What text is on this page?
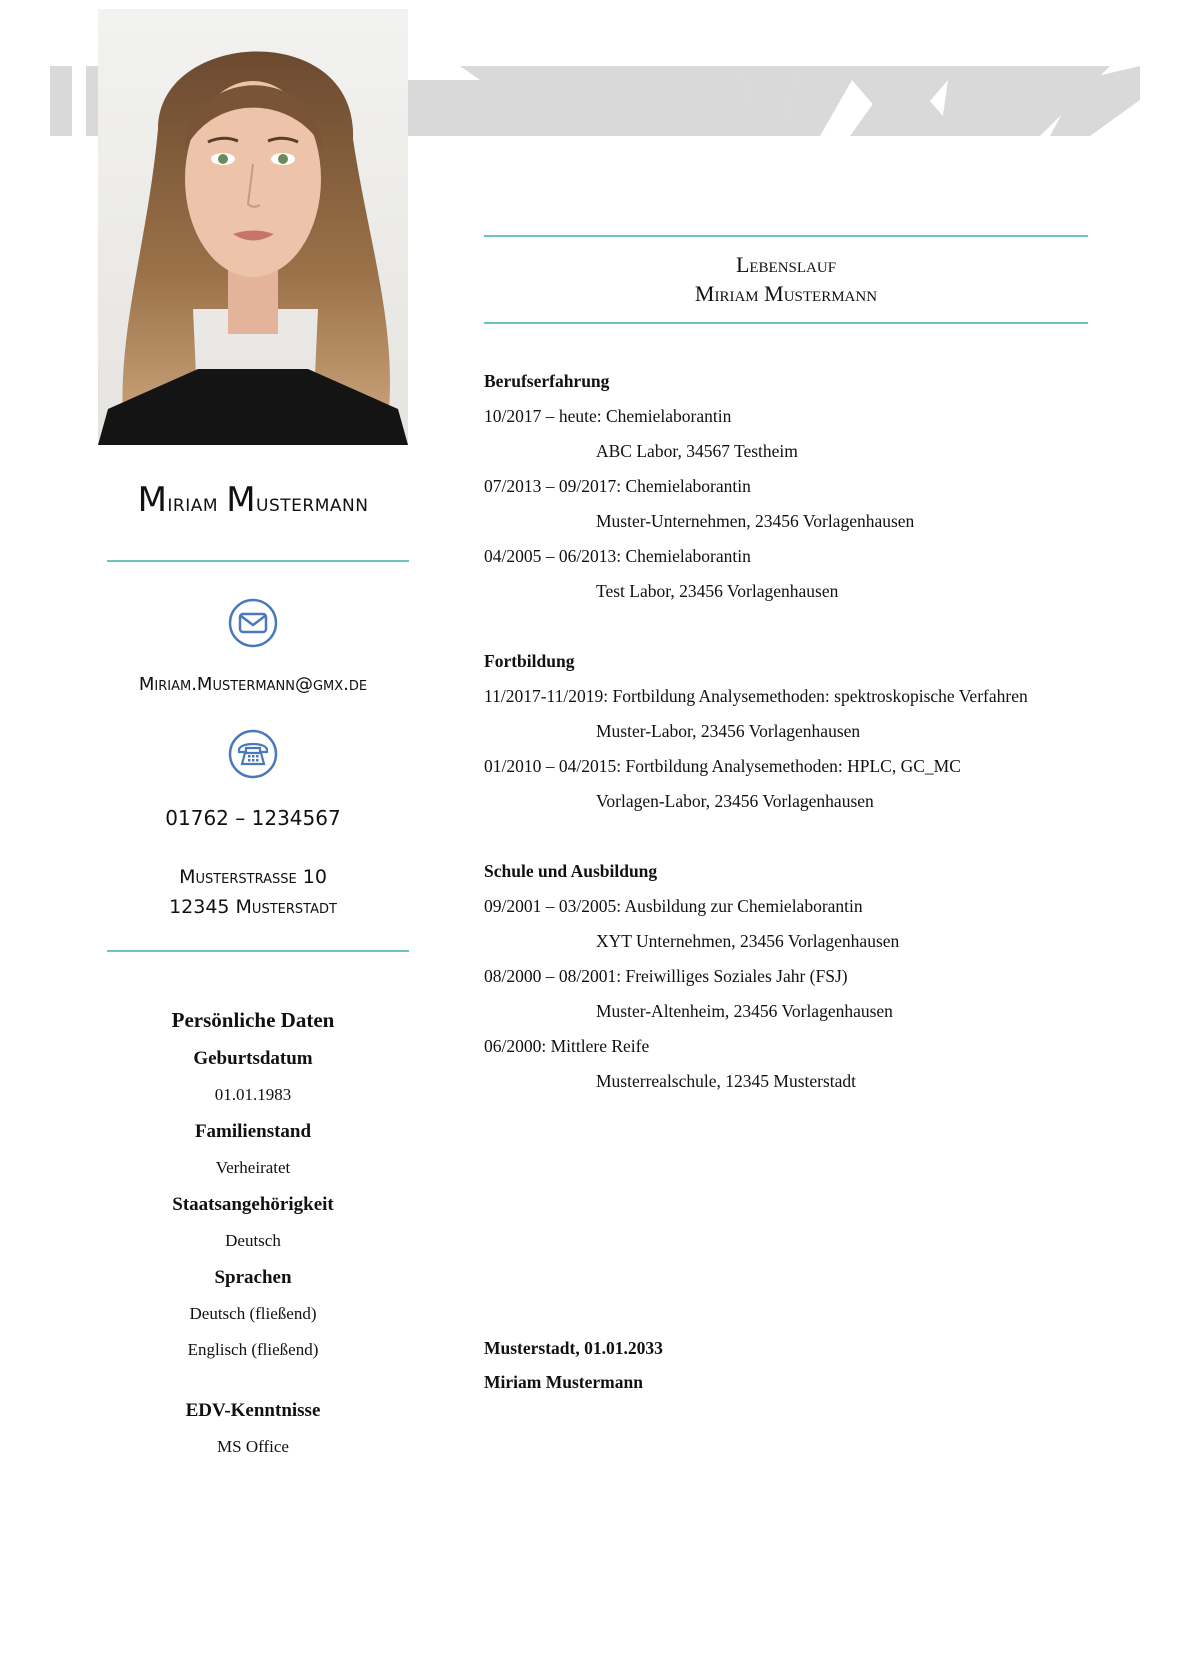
Miriam Mustermann
Miriam.Mustermann@gmx.de
01762 – 1234567
Musterstrasse 10
12345 Musterstadt
Persönliche Daten
Geburtsdatum
01.01.1983
Familienstand
Verheiratet
Staatsangehörigkeit
Deutsch
Sprachen
Deutsch (fließend)
Englisch (fließend)
EDV-Kenntnisse
MS Office
Lebenslauf
Miriam Mustermann
Berufserfahrung
10/2017 – heute: Chemielaborantin
ABC Labor, 34567 Testheim
07/2013 – 09/2017: Chemielaborantin
Muster-Unternehmen, 23456 Vorlagenhausen
04/2005 – 06/2013: Chemielaborantin
Test Labor, 23456 Vorlagenhausen
Fortbildung
11/2017-11/2019: Fortbildung Analysemethoden: spektroskopische Verfahren
Muster-Labor, 23456 Vorlagenhausen
01/2010 – 04/2015: Fortbildung Analysemethoden: HPLC, GC_MC
Vorlagen-Labor, 23456 Vorlagenhausen
Schule und Ausbildung
09/2001 – 03/2005: Ausbildung zur Chemielaborantin
XYT Unternehmen, 23456 Vorlagenhausen
08/2000 – 08/2001: Freiwilliges Soziales Jahr (FSJ)
Muster-Altenheim, 23456 Vorlagenhausen
06/2000: Mittlere Reife
Musterrealschule, 12345 Musterstadt
Musterstadt, 01.01.2033
Miriam Mustermann
